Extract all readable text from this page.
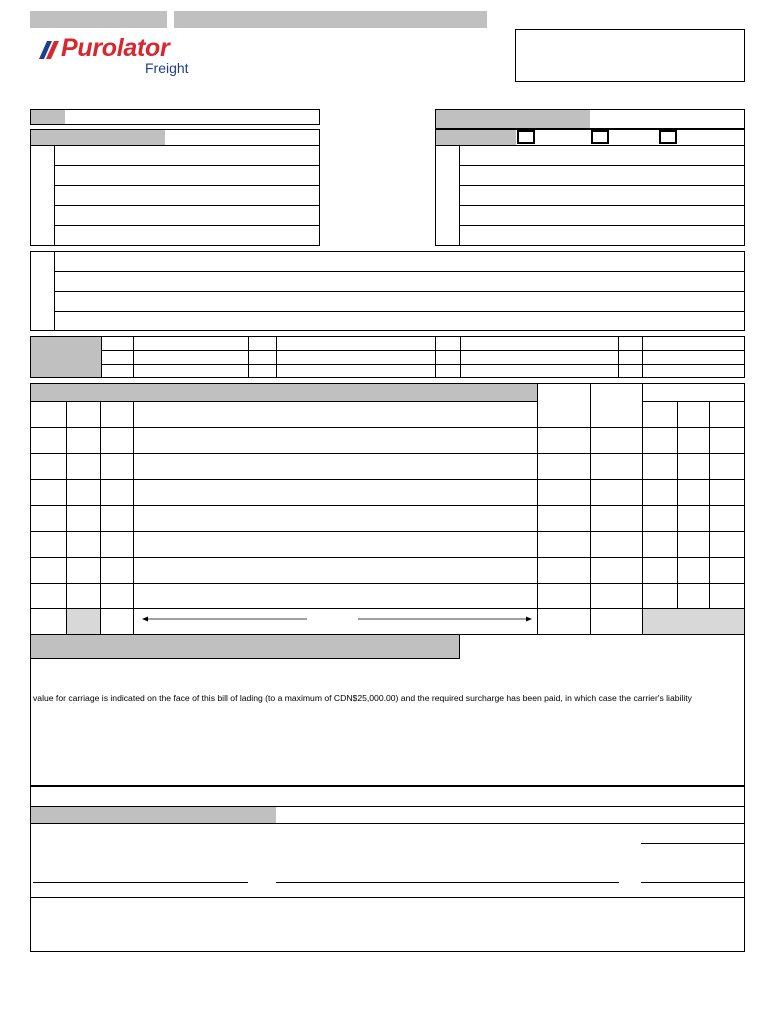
Purolator
Freight
value for carriage is indicated on the face of this bill of lading (to a maximum of CDN$25,000.00) and the required surcharge has been paid, in which case the carrier's liability
